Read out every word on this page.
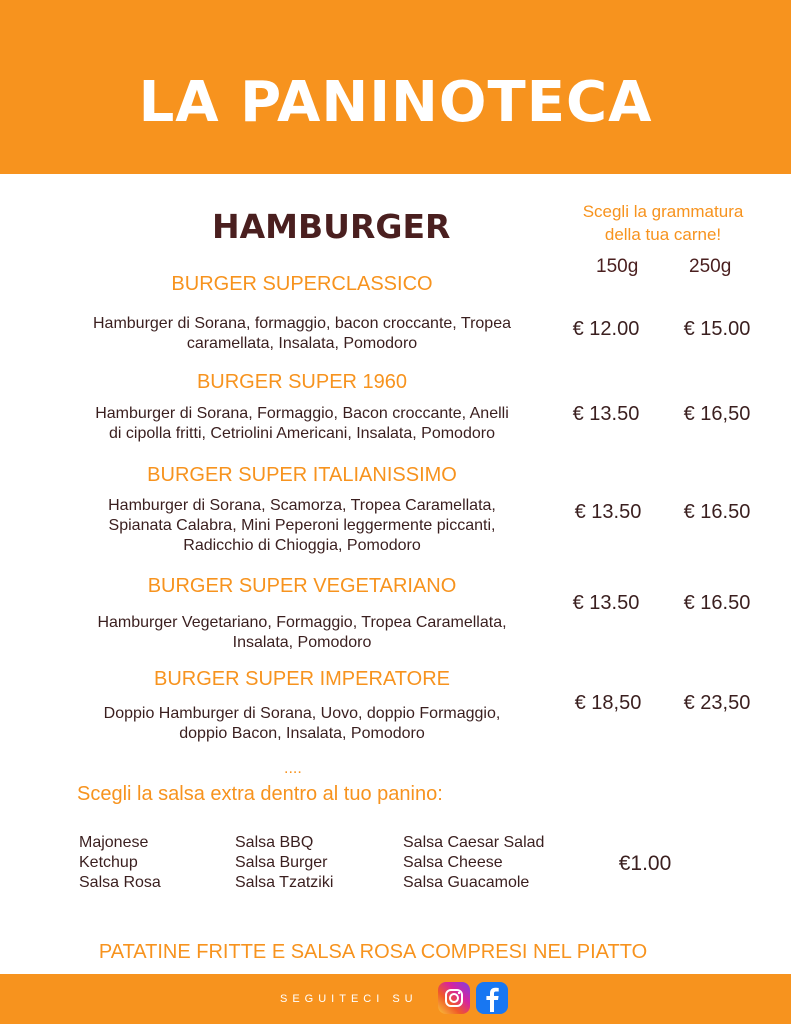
LA PANINOTECA
HAMBURGER	Scegli la grammatura
della tua carne!
150g	250g
BURGER SUPERCLASSICO
Hamburger di Sorana, formaggio, bacon croccante, Tropea
caramellata, Insalata, Pomodoro
€ 12.00	€ 15.00
BURGER SUPER 1960
Hamburger di Sorana, Formaggio, Bacon croccante, Anelli
di cipolla fritti, Cetriolini Americani, Insalata, Pomodoro
€ 13.50	€ 16,50
BURGER SUPER ITALIANISSIMO
Hamburger di Sorana, Scamorza, Tropea Caramellata,
Spianata Calabra, Mini Peperoni leggermente piccanti,
Radicchio di Chioggia, Pomodoro
€ 13.50	€ 16.50
BURGER SUPER VEGETARIANO
Hamburger Vegetariano, Formaggio, Tropea Caramellata,
Insalata, Pomodoro
€ 13.50	€ 16.50
BURGER SUPER IMPERATORE
Doppio Hamburger di Sorana, Uovo, doppio Formaggio,
doppio Bacon, Insalata, Pomodoro
€ 18,50	€ 23,50
....
Scegli la salsa extra dentro al tuo panino:
Majonese
Ketchup
Salsa Rosa
Salsa BBQ
Salsa Burger
Salsa Tzatziki
Salsa Caesar Salad
Salsa Cheese
Salsa Guacamole
€1.00
PATATINE FRITTE E SALSA ROSA COMPRESI NEL PIATTO
SEGUITECI SU
